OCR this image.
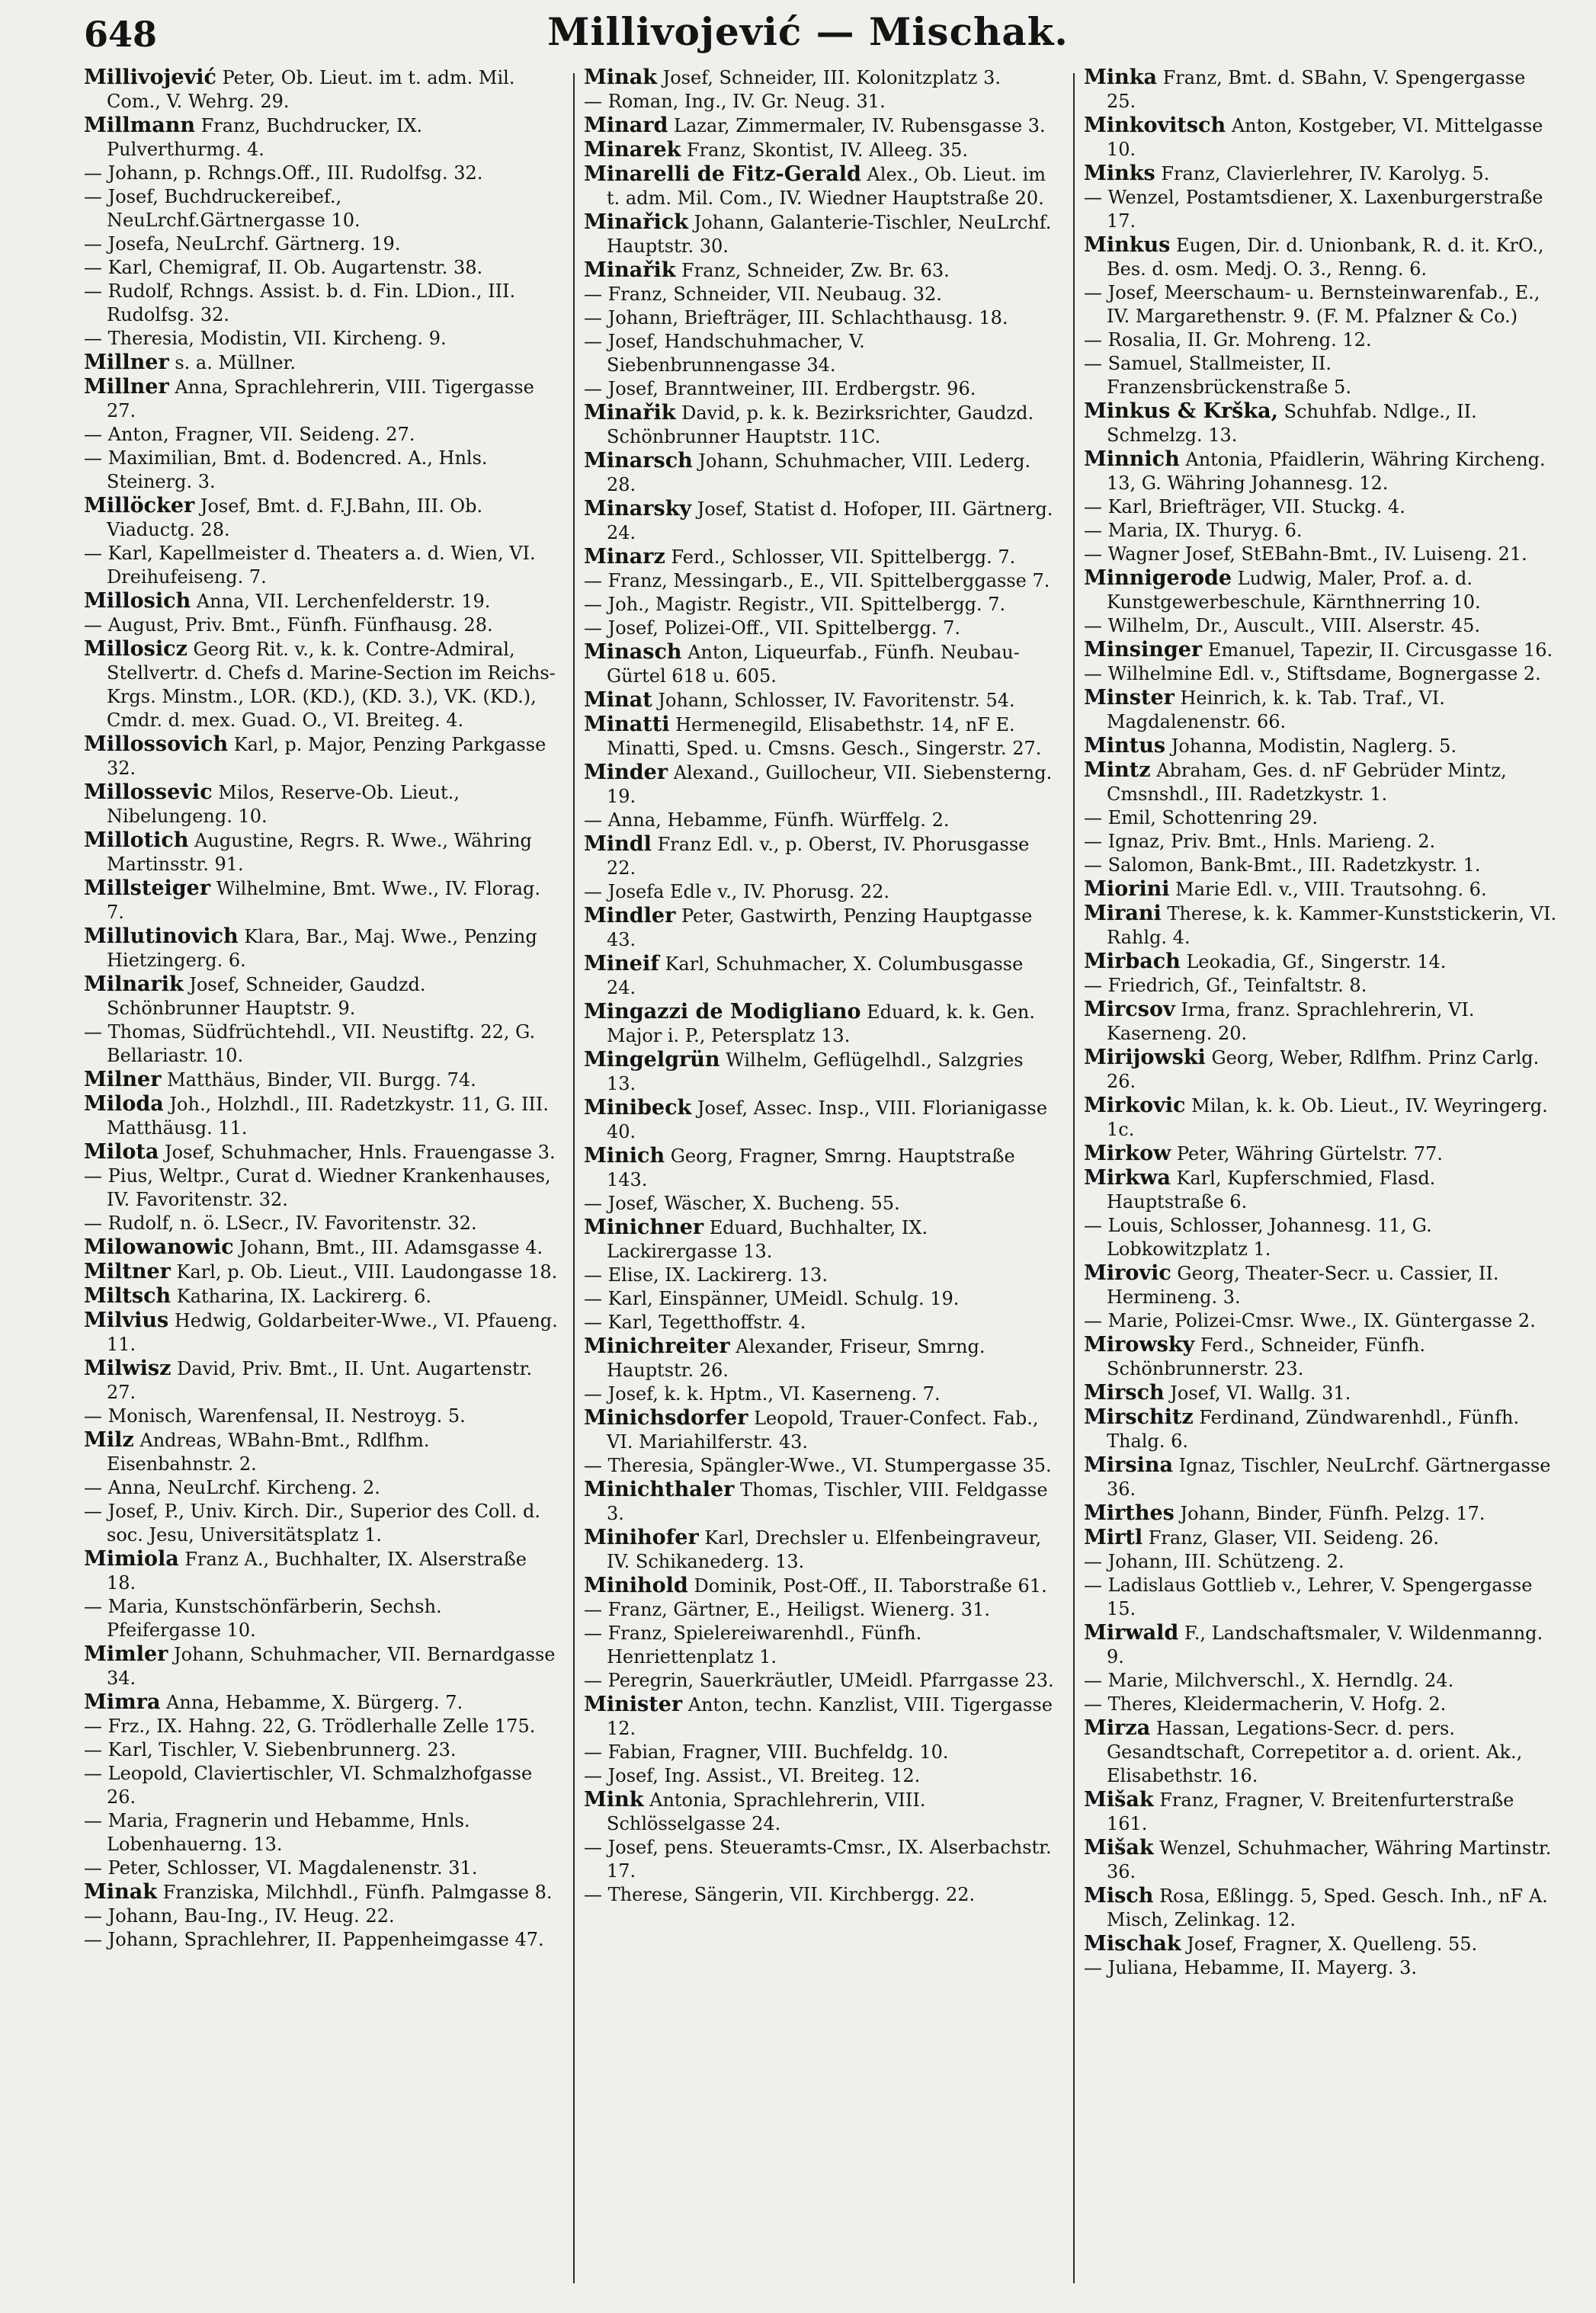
648	Millivojević — Mischak.

Millivojević Peter, Ob. Lieut. im t. adm. Mil. Com., V. Wehrg. 29.

Millmann Franz, Buchdrucker, IX. Pulverthurmg. 4.

— Johann, p. Rchngs.Off., III. Rudolfsg. 32.

— Josef, Buchdruckereibef., NeuLrchf.Gärtnergasse 10.

— Josefa, NeuLrchf. Gärtnerg. 19.

— Karl, Chemigraf, II. Ob. Augartenstr. 38.

— Rudolf, Rchngs. Assist. b. d. Fin. LDion., III. Rudolfsg. 32.

— Theresia, Modistin, VII. Kircheng. 9.

Millner s. a. Müllner.

Millner Anna, Sprachlehrerin, VIII. Tigergasse 27.

— Anton, Fragner, VII. Seideng. 27.

— Maximilian, Bmt. d. Bodencred. A., Hnls. Steinerg. 3.

Millöcker Josef, Bmt. d. F.J.Bahn, III. Ob. Viaductg. 28.

— Karl, Kapellmeister d. Theaters a. d. Wien, VI. Dreihufeiseng. 7.

Millosich Anna, VII. Lerchenfelderstr. 19.

— August, Priv. Bmt., Fünfh. Fünfhausg. 28.

Millosicz Georg Rit. v., k. k. Contre-Admiral, Stellvertr. d. Chefs d. Marine-Section im Reichs-Krgs. Minstm., LOR. (KD.), (KD. 3.), VK. (KD.), Cmdr. d. mex. Guad. O., VI. Breiteg. 4.

Millossovich Karl, p. Major, Penzing Parkgasse 32.

Millossevic Milos, Reserve-Ob. Lieut., Nibelungeng. 10.

Millotich Augustine, Regrs. R. Wwe., Währing Martinsstr. 91.

Millsteiger Wilhelmine, Bmt. Wwe., IV. Florag. 7.

Millutinovich Klara, Bar., Maj. Wwe., Penzing Hietzingerg. 6.

Milnarik Josef, Schneider, Gaudzd. Schönbrunner Hauptstr. 9.

— Thomas, Südfrüchtehdl., VII. Neustiftg. 22, G. Bellariastr. 10.

Milner Matthäus, Binder, VII. Burgg. 74.

Miloda Joh., Holzhdl., III. Radetzkystr. 11, G. III. Matthäusg. 11.

Milota Josef, Schuhmacher, Hnls. Frauengasse 3.

— Pius, Weltpr., Curat d. Wiedner Krankenhauses, IV. Favoritenstr. 32.

— Rudolf, n. ö. LSecr., IV. Favoritenstr. 32.

Milowanowic Johann, Bmt., III. Adamsgasse 4.

Miltner Karl, p. Ob. Lieut., VIII. Laudongasse 18.

Miltsch Katharina, IX. Lackirerg. 6.

Milvius Hedwig, Goldarbeiter-Wwe., VI. Pfaueng. 11.

Milwisz David, Priv. Bmt., II. Unt. Augartenstr. 27.

— Monisch, Warenfensal, II. Nestroyg. 5.

Milz Andreas, WBahn-Bmt., Rdlfhm. Eisenbahnstr. 2.

— Anna, NeuLrchf. Kircheng. 2.

— Josef, P., Univ. Kirch. Dir., Superior des Coll. d. soc. Jesu, Universitätsplatz 1.

Mimiola Franz A., Buchhalter, IX. Alserstraße 18.

— Maria, Kunstschönfärberin, Sechsh. Pfeifergasse 10.

Mimler Johann, Schuhmacher, VII. Bernardgasse 34.

Mimra Anna, Hebamme, X. Bürgerg. 7.

— Frz., IX. Hahng. 22, G. Trödlerhalle Zelle 175.

— Karl, Tischler, V. Siebenbrunnerg. 23.

— Leopold, Claviertischler, VI. Schmalzhofgasse 26.

— Maria, Fragnerin und Hebamme, Hnls. Lobenhauerng. 13.

— Peter, Schlosser, VI. Magdalenenstr. 31.

Minak Franziska, Milchhdl., Fünfh. Palmgasse 8.

— Johann, Bau-Ing., IV. Heug. 22.

— Johann, Sprachlehrer, II. Pappenheimgasse 47.

Minak Josef, Schneider, III. Kolonitzplatz 3.

— Roman, Ing., IV. Gr. Neug. 31.

Minard Lazar, Zimmermaler, IV. Rubensgasse 3.

Minarek Franz, Skontist, IV. Alleeg. 35.

Minarelli de Fitz-Gerald Alex., Ob. Lieut. im t. adm. Mil. Com., IV. Wiedner Hauptstraße 20.

Minařick Johann, Galanterie-Tischler, NeuLrchf. Hauptstr. 30.

Minařik Franz, Schneider, Zw. Br. 63.

— Franz, Schneider, VII. Neubaug. 32.

— Johann, Briefträger, III. Schlachthausg. 18.

— Josef, Handschuhmacher, V. Siebenbrunnengasse 34.

— Josef, Branntweiner, III. Erdbergstr. 96.

Minařik David, p. k. k. Bezirksrichter, Gaudzd. Schönbrunner Hauptstr. 11C.

Minarsch Johann, Schuhmacher, VIII. Lederg. 28.

Minarsky Josef, Statist d. Hofoper, III. Gärtnerg. 24.

Minarz Ferd., Schlosser, VII. Spittelbergg. 7.

— Franz, Messingarb., E., VII. Spittelberggasse 7.

— Joh., Magistr. Registr., VII. Spittelbergg. 7.

— Josef, Polizei-Off., VII. Spittelbergg. 7.

Minasch Anton, Liqueurfab., Fünfh. Neubau-Gürtel 618 u. 605.

Minat Johann, Schlosser, IV. Favoritenstr. 54.

Minatti Hermenegild, Elisabethstr. 14, nF E. Minatti, Sped. u. Cmsns. Gesch., Singerstr. 27.

Minder Alexand., Guillocheur, VII. Siebensterng. 19.

— Anna, Hebamme, Fünfh. Würffelg. 2.

Mindl Franz Edl. v., p. Oberst, IV. Phorusgasse 22.

— Josefa Edle v., IV. Phorusg. 22.

Mindler Peter, Gastwirth, Penzing Hauptgasse 43.

Mineif Karl, Schuhmacher, X. Columbusgasse 24.

Mingazzi de Modigliano Eduard, k. k. Gen. Major i. P., Petersplatz 13.

Mingelgrün Wilhelm, Geflügelhdl., Salzgries 13.

Minibeck Josef, Assec. Insp., VIII. Florianigasse 40.

Minich Georg, Fragner, Smrng. Hauptstraße 143.

— Josef, Wäscher, X. Bucheng. 55.

Minichner Eduard, Buchhalter, IX. Lackirergasse 13.

— Elise, IX. Lackirerg. 13.

— Karl, Einspänner, UMeidl. Schulg. 19.

— Karl, Tegetthoffstr. 4.

Minichreiter Alexander, Friseur, Smrng. Hauptstr. 26.

— Josef, k. k. Hptm., VI. Kaserneng. 7.

Minichsdorfer Leopold, Trauer-Confect. Fab., VI. Mariahilferstr. 43.

— Theresia, Spängler-Wwe., VI. Stumpergasse 35.

Minichthaler Thomas, Tischler, VIII. Feldgasse 3.

Minihofer Karl, Drechsler u. Elfenbeingraveur, IV. Schikanederg. 13.

Minihold Dominik, Post-Off., II. Taborstraße 61.

— Franz, Gärtner, E., Heiligst. Wienerg. 31.

— Franz, Spielereiwarenhdl., Fünfh. Henriettenplatz 1.

— Peregrin, Sauerkräutler, UMeidl. Pfarrgasse 23.

Minister Anton, techn. Kanzlist, VIII. Tigergasse 12.

— Fabian, Fragner, VIII. Buchfeldg. 10.

— Josef, Ing. Assist., VI. Breiteg. 12.

Mink Antonia, Sprachlehrerin, VIII. Schlösselgasse 24.

— Josef, pens. Steueramts-Cmsr., IX. Alserbachstr. 17.

— Therese, Sängerin, VII. Kirchbergg. 22.

Minka Franz, Bmt. d. SBahn, V. Spengergasse 25.

Minkovitsch Anton, Kostgeber, VI. Mittelgasse 10.

Minks Franz, Clavierlehrer, IV. Karolyg. 5.

— Wenzel, Postamtsdiener, X. Laxenburgerstraße 17.

Minkus Eugen, Dir. d. Unionbank, R. d. it. KrO., Bes. d. osm. Medj. O. 3., Renng. 6.

— Josef, Meerschaum- u. Bernsteinwarenfab., E., IV. Margarethenstr. 9. (F. M. Pfalzner & Co.)

— Rosalia, II. Gr. Mohreng. 12.

— Samuel, Stallmeister, II. Franzensbrückenstraße 5.

Minkus & Krška, Schuhfab. Ndlge., II. Schmelzg. 13.

Minnich Antonia, Pfaidlerin, Währing Kircheng. 13, G. Währing Johannesg. 12.

— Karl, Briefträger, VII. Stuckg. 4.

— Maria, IX. Thuryg. 6.

— Wagner Josef, StEBahn-Bmt., IV. Luiseng. 21.

Minnigerode Ludwig, Maler, Prof. a. d. Kunstgewerbeschule, Kärnthnerring 10.

— Wilhelm, Dr., Auscult., VIII. Alserstr. 45.

Minsinger Emanuel, Tapezir, II. Circusgasse 16.

— Wilhelmine Edl. v., Stiftsdame, Bognergasse 2.

Minster Heinrich, k. k. Tab. Traf., VI. Magdalenenstr. 66.

Mintus Johanna, Modistin, Naglerg. 5.

Mintz Abraham, Ges. d. nF Gebrüder Mintz, Cmsnshdl., III. Radetzkystr. 1.

— Emil, Schottenring 29.

— Ignaz, Priv. Bmt., Hnls. Marieng. 2.

— Salomon, Bank-Bmt., III. Radetzkystr. 1.

Miorini Marie Edl. v., VIII. Trautsohng. 6.

Mirani Therese, k. k. Kammer-Kunststickerin, VI. Rahlg. 4.

Mirbach Leokadia, Gf., Singerstr. 14.

— Friedrich, Gf., Teinfaltstr. 8.

Mircsov Irma, franz. Sprachlehrerin, VI. Kaserneng. 20.

Mirijowski Georg, Weber, Rdlfhm. Prinz Carlg. 26.

Mirkovic Milan, k. k. Ob. Lieut., IV. Weyringerg. 1c.

Mirkow Peter, Währing Gürtelstr. 77.

Mirkwa Karl, Kupferschmied, Flasd. Hauptstraße 6.

— Louis, Schlosser, Johannesg. 11, G. Lobkowitzplatz 1.

Mirovic Georg, Theater-Secr. u. Cassier, II. Hermineng. 3.

— Marie, Polizei-Cmsr. Wwe., IX. Güntergasse 2.

Mirowsky Ferd., Schneider, Fünfh. Schönbrunnerstr. 23.

Mirsch Josef, VI. Wallg. 31.

Mirschitz Ferdinand, Zündwarenhdl., Fünfh. Thalg. 6.

Mirsina Ignaz, Tischler, NeuLrchf. Gärtnergasse 36.

Mirthes Johann, Binder, Fünfh. Pelzg. 17.

Mirtl Franz, Glaser, VII. Seideng. 26.

— Johann, III. Schützeng. 2.

— Ladislaus Gottlieb v., Lehrer, V. Spengergasse 15.

Mirwald F., Landschaftsmaler, V. Wildenmanng. 9.

— Marie, Milchverschl., X. Herndlg. 24.

— Theres, Kleidermacherin, V. Hofg. 2.

Mirza Hassan, Legations-Secr. d. pers. Gesandtschaft, Correpetitor a. d. orient. Ak., Elisabethstr. 16.

Mišak Franz, Fragner, V. Breitenfurterstraße 161.

Mišak Wenzel, Schuhmacher, Währing Martinstr. 36.

Misch Rosa, Eßlingg. 5, Sped. Gesch. Inh., nF A. Misch, Zelinkag. 12.

Mischak Josef, Fragner, X. Quelleng. 55.

— Juliana, Hebamme, II. Mayerg. 3.
